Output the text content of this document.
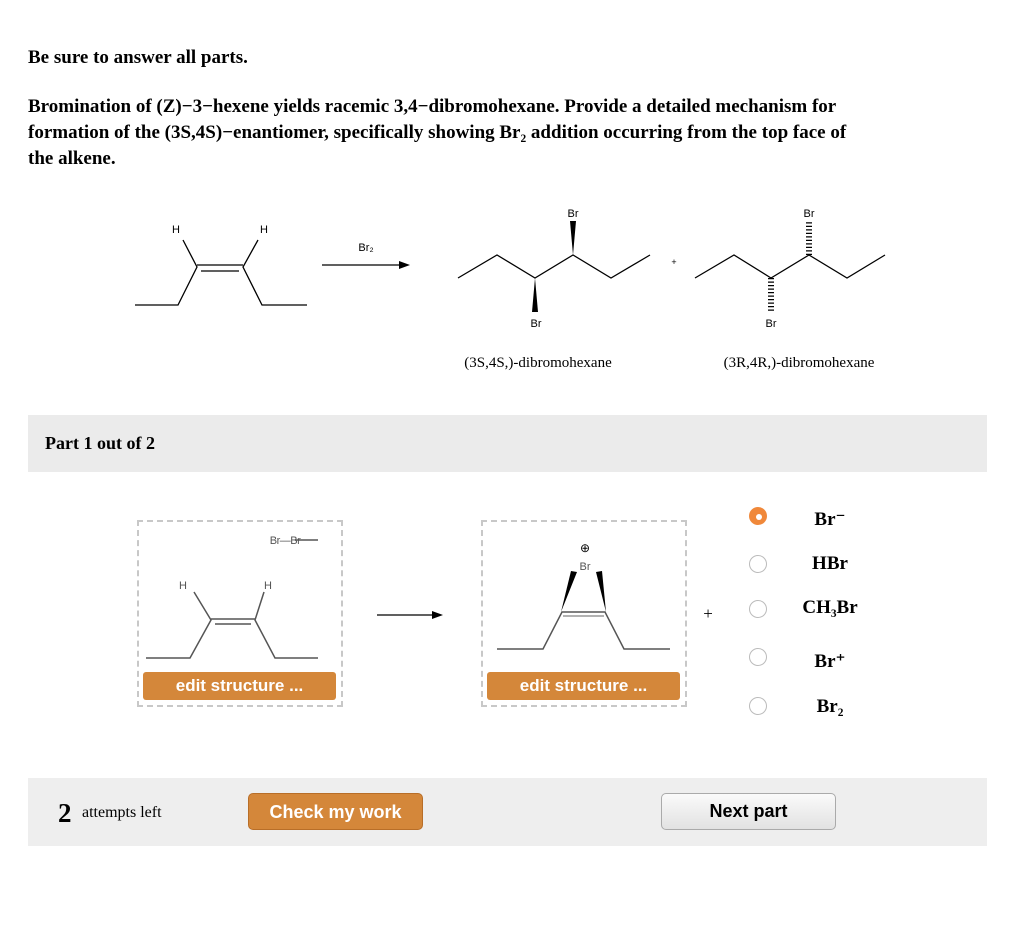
Be sure to answer all parts.
Bromination of (Z)−3−hexene yields racemic 3,4−dibromohexane. Provide a detailed mechanism for
formation of the (3S,4S)−enantiomer, specifically showing Br₂ addition occurring from the top face of
the alkene.
H	H
Br₂
Br
Br
+
Br
Br
(3S,4S,)-dibromohexane	(3R,4R,)-dibromohexane
Part 1 out of 2
Br—Br
H	H
⊕
Br
+
edit structure ...	edit structure ...
Br⁻
HBr
CH₃Br
Br⁺
Br₂
2 attempts left	Check my work	Next part
